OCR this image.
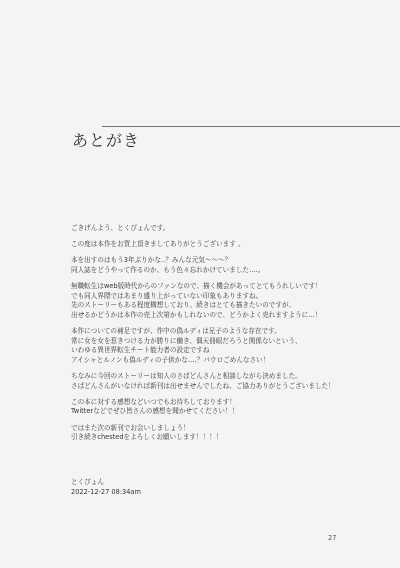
あとがき

ごきげんよう、とくぴょんです。

この度は本作をお買上頂きましてありがとうございます 。

本を出すのはもう3年ぶりかな‥？みんな元気～～～？
同人誌をどうやって作るのか、もう色々忘れかけていました‥‥。

無職転生はweb版時代からのファンなので、描く機会があってとてもうれしいです！
でも同人界隈ではあまり盛り上がっていない印象もありますね。
先のストーリーもある程度構想しており、続きはとても描きたいのですが、
出せるかどうかは本作の売上次第かもしれないので、どうかよく売れますように…！

本作についての補足ですが、作中の偽ルディは兄子のような存在です。
常に女を女を惹きつける力が勝りに働き、偶天冊眼だろうと関係ないという、
いわゆる異世界転生チート能力者の設定ですね
アイシャとルノンも偽ルディの子供かな‥‥？パウロごめんなさい！

ちなみに今回のストーリーは知人のさぱどんさんと相談しながら決めました。
さぱどんさんがいなければ新刊は出せませんでしたね、ご協力ありがとうございました！

この本に対する感想などいつでもお待ちしております！
Twitterなどでぜひ皆さんの感想を聞かせてください！！

ではまた次の新刊でお会いしましょう！
引き続きchestedをよろしくお願いします！！！！

とくぴょん
2022-12-27 08:34am
27
